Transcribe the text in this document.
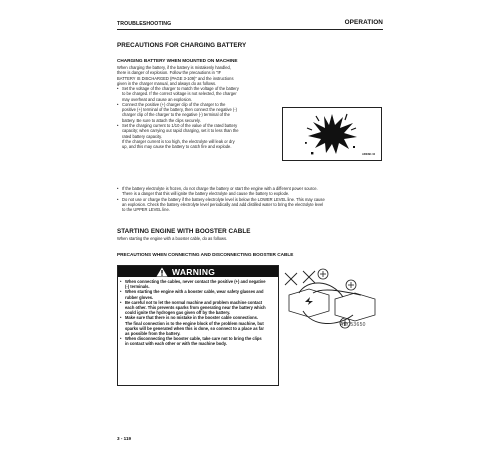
TROUBLESHOOTING	OPERATION
PRECAUTIONS FOR CHARGING BATTERY
CHARGING BATTERY WHEN MOUNTED ON MACHINE

When charging the battery, if the battery is mistakenly handled,

there is danger of explosion. Follow the precautions in "IF

BATTERY IS DISCHARGED (PAGE 3-109)" and the instructions

given in the charger manual, and always do as follows.

• Set the voltage of the charger to match the voltage of the battery

to be charged. If the correct voltage is not selected, the charger

may overheat and cause an explosion.

• Connect the positive (+) charger clip of the charger to the

positive (+) terminal of the battery, then connect the negative (-)

charger clip of the charger to the negative (-) terminal of the

battery. Be sure to attach the clips securely.

• Set the charging current to 1/10 of the value of the rated battery

capacity; when carrying out rapid charging, set it to less than the

rated battery capacity.

If the charger current is too high, the electrolyte will leak or dry

up, and this may cause the battery to catch fire and explode.

• If the battery electrolyte is frozen, do not charge the battery or start the engine with a different power source.

There is a danger that this will ignite the battery electrolyte and cause the battery to explode.

• Do not use or charge the battery if the battery electrolyte level is below the LOWER LEVEL line. This may cause

an explosion. Check the battery electrolyte level periodically and add distilled water to bring the electrolyte level

to the UPPER LEVEL line.

AD0391 10
STARTING ENGINE WITH BOOSTER CABLE

When starting the engine with a booster cable, do as follows.

PRECAUTIONS WHEN CONNECTING AND DISCONNECTING BOOSTER CABLE
WARNING

• When connecting the cables, never contact the positive (+) and negative

(-) terminals.

• When starting the engine with a booster cable, wear safety glasses and

rubber gloves.

• Be careful not to let the normal machine and problem machine contact

each other. This prevents sparks from generating near the battery which

could ignite the hydrogen gas given off by the battery.

• Make sure that there is no mistake in the booster cable connections.

The final connection is to the engine block of the problem machine, but

sparks will be generated when this is done, so connect to a place as far

as possible from the battery.

• When disconnecting the booster cable, take care not to bring the clips

in contact with each other or with the machine body.

AE053650
3 - 119
